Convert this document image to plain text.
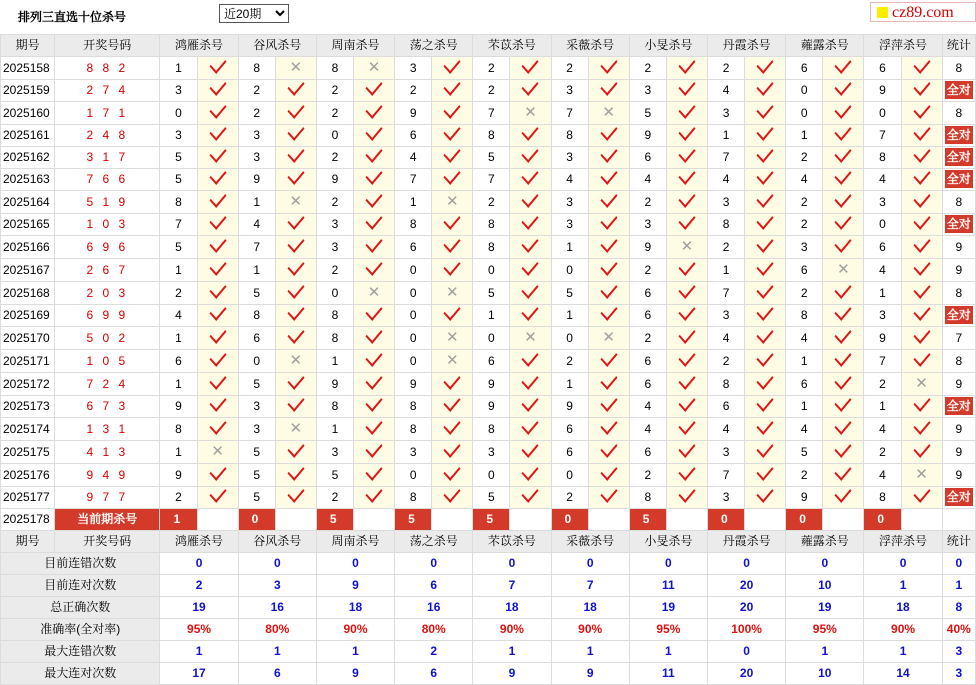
排列三直选十位杀号
近20期	cz89.com
期号	开奖号码	鸿雁杀号		谷风杀号		周南杀号		荡之杀号		芣苡杀号		采薇杀号		小旻杀号		丹霞杀号		蕹露杀号		浮萍杀号		统计
2025158	8 8 2	1		8	✕	8	✕	3		2		2		2		2		6		6		8
2025159	2 7 4	3		2		2		2		2		3		3		4		0		9		全对
2025160	1 7 1	0		2		2		9		7	✕	7	✕	5		3		0		0		8
2025161	2 4 8	3		3		0		6		8		8		9		1		1		7		全对
2025162	3 1 7	5		3		2		4		5		3		6		7		2		8		全对
2025163	7 6 6	5		9		9		7		7		4		4		4		4		4		全对
2025164	5 1 9	8		1	✕	2		1	✕	2		3		2		3		2		3		8
2025165	1 0 3	7		4		3		8		8		3		3		8		2		0		全对
2025166	6 9 6	5		7		3		6		8		1		9	✕	2		3		6		9
2025167	2 6 7	1		1		2		0		0		0		2		1		6	✕	4		9
2025168	2 0 3	2		5		0	✕	0	✕	5		5		6		7		2		1		8
2025169	6 9 9	4		8		8		0		1		1		6		3		8		3		全对
2025170	5 0 2	1		6		8		0	✕	0	✕	0	✕	2		4		4		9		7
2025171	1 0 5	6		0	✕	1		0	✕	6		2		6		2		1		7		8
2025172	7 2 4	1		5		9		9		9		1		6		8		6		2	✕	9
2025173	6 7 3	9		3		8		8		9		9		4		6		1		1		全对
2025174	1 3 1	8		3	✕	1		8		8		6		4		4		4		4		9
2025175	4 1 3	1	✕	5		3		3		3		6		6		3		5		2		9
2025176	9 4 9	9		5		5		0		0		0		2		7		2		4	✕	9
2025177	9 7 7	2		5		2		8		5		2		8		3		9		8		全对
2025178	当前期杀号	1		0		5		5		5		0		5		0		0		0		
期号	开奖号码	鸿雁杀号		谷风杀号		周南杀号		荡之杀号		芣苡杀号		采薇杀号		小旻杀号		丹霞杀号		蕹露杀号		浮萍杀号		统计
目前连错次数		0		0		0		0		0		0		0		0		0		0		0
目前连对次数		2		3		9		6		7		7		11		20		10		1		1
总正确次数		19		16		18		16		18		18		19		20		19		18		8
准确率(全对率)		95%		80%		90%		80%		90%		90%		95%		100%		95%		90%		40%
最大连错次数		1		1		1		2		1		1		1		0		1		1		3
最大连对次数		17		6		9		6		9		9		11		20		10		14		3
